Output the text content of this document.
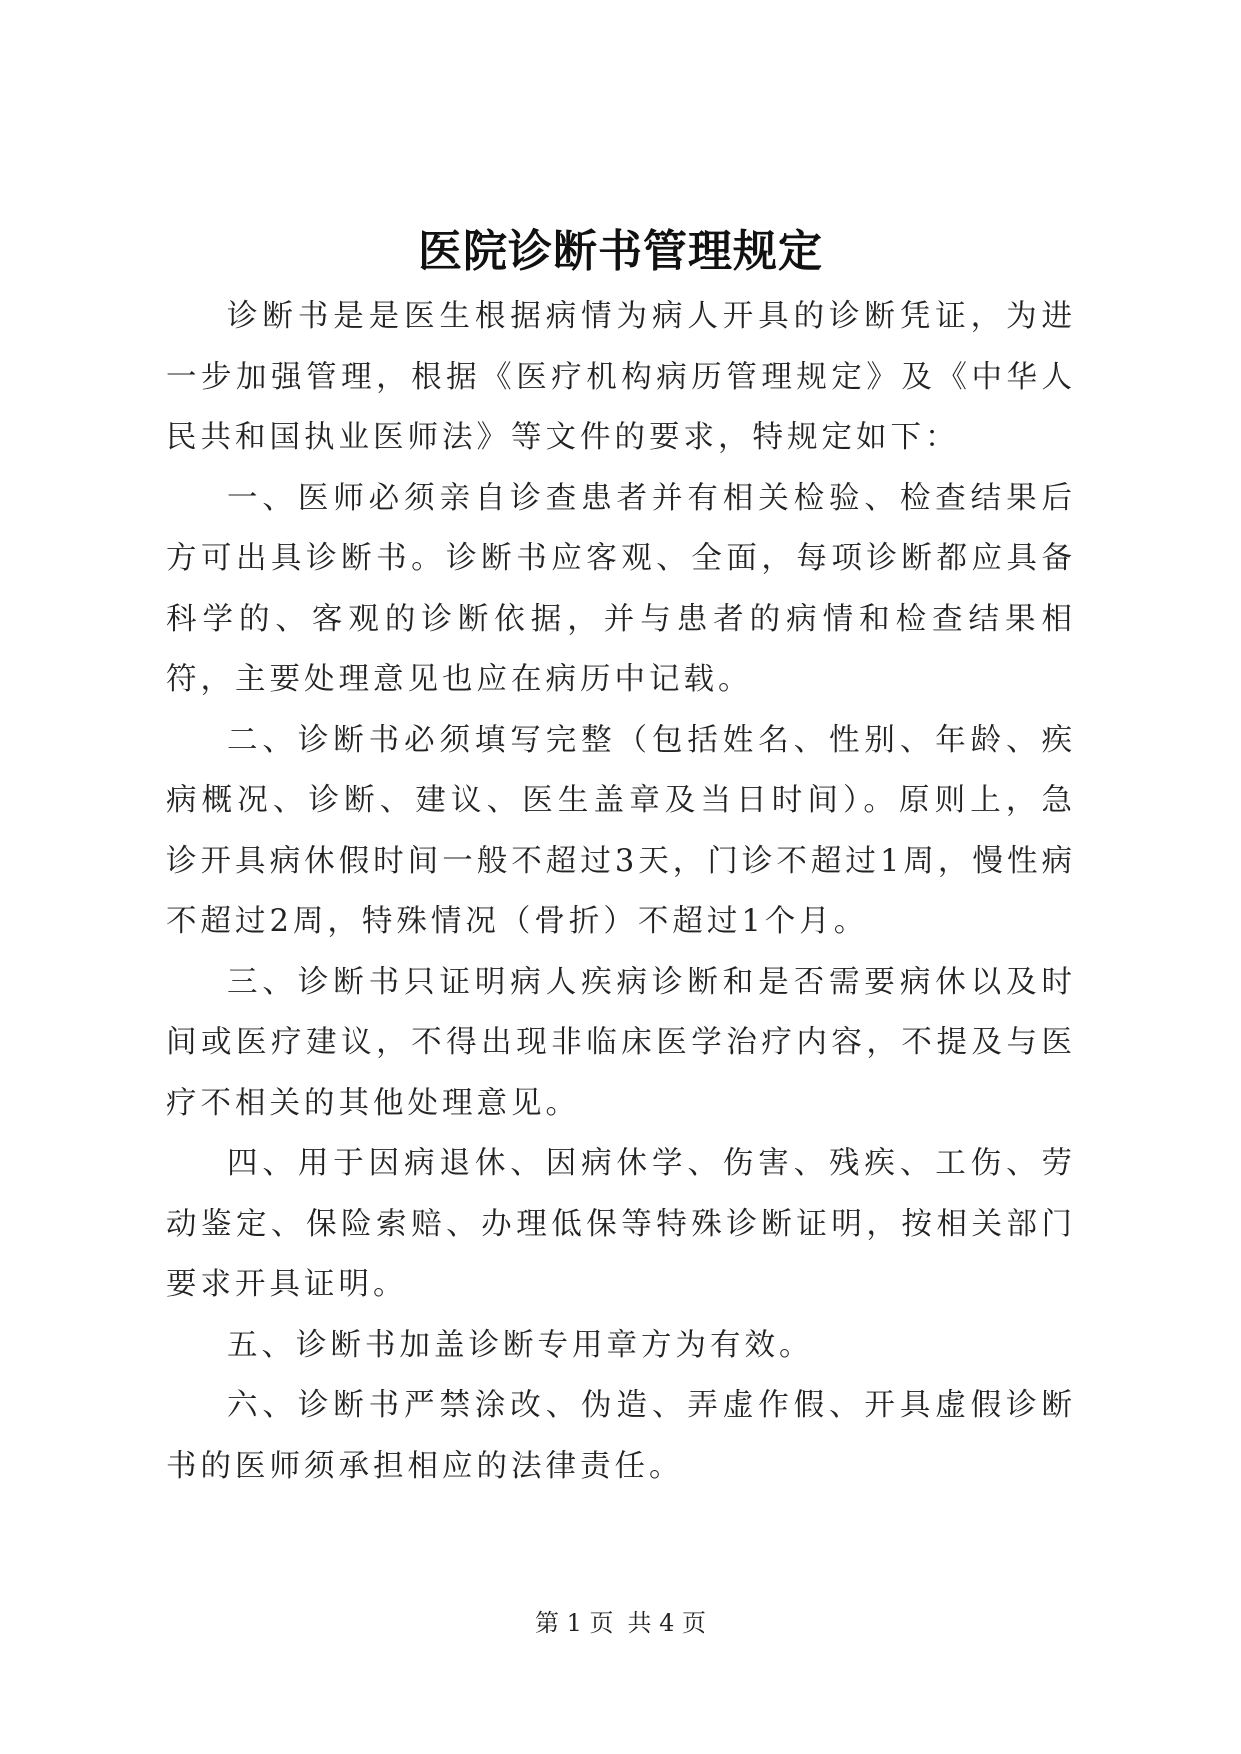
医院诊断书管理规定

诊断书是是医生根据病情为病人开具的诊断凭证，为进一步加强管理，根据《医疗机构病历管理规定》及《中华人民共和国执业医师法》等文件的要求，特规定如下：

一、医师必须亲自诊查患者并有相关检验、检查结果后方可出具诊断书。诊断书应客观、全面，每项诊断都应具备科学的、客观的诊断依据，并与患者的病情和检查结果相符，主要处理意见也应在病历中记载。

二、诊断书必须填写完整（包括姓名、性别、年龄、疾病概况、诊断、建议、医生盖章及当日时间）。原则上，急诊开具病休假时间一般不超过3天，门诊不超过1周，慢性病不超过2周，特殊情况（骨折）不超过1个月。

三、诊断书只证明病人疾病诊断和是否需要病休以及时间或医疗建议，不得出现非临床医学治疗内容，不提及与医疗不相关的其他处理意见。

四、用于因病退休、因病休学、伤害、残疾、工伤、劳动鉴定、保险索赔、办理低保等特殊诊断证明，按相关部门要求开具证明。

五、诊断书加盖诊断专用章方为有效。

六、诊断书严禁涂改、伪造、弄虚作假、开具虚假诊断书的医师须承担相应的法律责任。

第 1 页 共 4 页
